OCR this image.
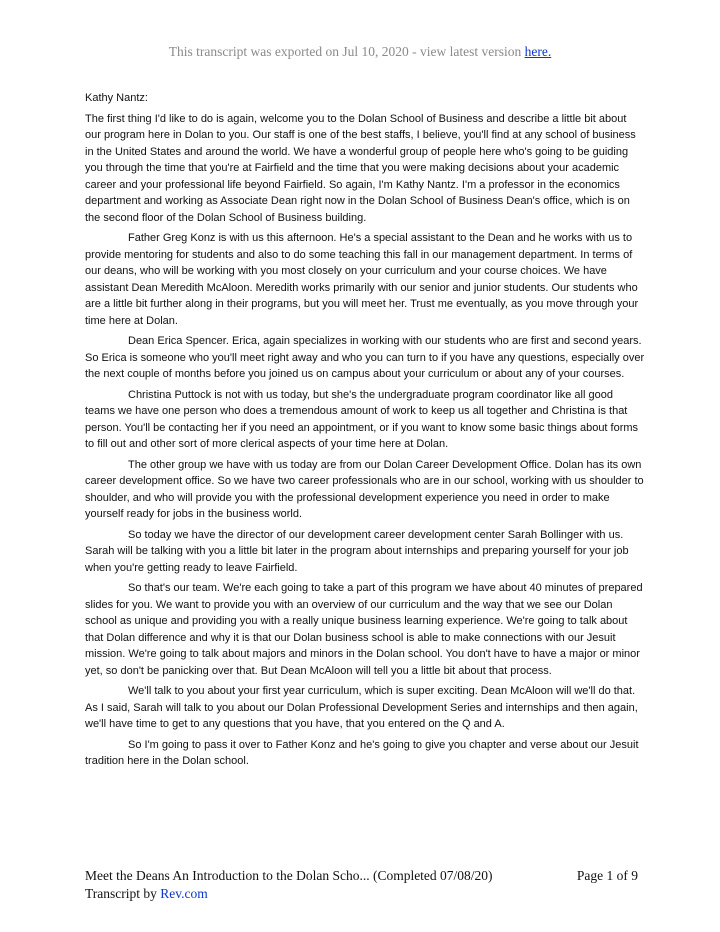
This transcript was exported on Jul 10, 2020 - view latest version here.

Kathy Nantz:

The first thing I'd like to do is again, welcome you to the Dolan School of Business and describe a little bit about our program here in Dolan to you. Our staff is one of the best staffs, I believe, you'll find at any school of business in the United States and around the world. We have a wonderful group of people here who's going to be guiding you through the time that you're at Fairfield and the time that you were making decisions about your academic career and your professional life beyond Fairfield. So again, I'm Kathy Nantz. I'm a professor in the economics department and working as Associate Dean right now in the Dolan School of Business Dean's office, which is on the second floor of the Dolan School of Business building.

Father Greg Konz is with us this afternoon. He's a special assistant to the Dean and he works with us to provide mentoring for students and also to do some teaching this fall in our management department. In terms of our deans, who will be working with you most closely on your curriculum and your course choices. We have assistant Dean Meredith McAloon. Meredith works primarily with our senior and junior students. Our students who are a little bit further along in their programs, but you will meet her. Trust me eventually, as you move through your time here at Dolan.

Dean Erica Spencer. Erica, again specializes in working with our students who are first and second years. So Erica is someone who you'll meet right away and who you can turn to if you have any questions, especially over the next couple of months before you joined us on campus about your curriculum or about any of your courses.

Christina Puttock is not with us today, but she's the undergraduate program coordinator like all good teams we have one person who does a tremendous amount of work to keep us all together and Christina is that person. You'll be contacting her if you need an appointment, or if you want to know some basic things about forms to fill out and other sort of more clerical aspects of your time here at Dolan.

The other group we have with us today are from our Dolan Career Development Office. Dolan has its own career development office. So we have two career professionals who are in our school, working with us shoulder to shoulder, and who will provide you with the professional development experience you need in order to make yourself ready for jobs in the business world.

So today we have the director of our development career development center Sarah Bollinger with us. Sarah will be talking with you a little bit later in the program about internships and preparing yourself for your job when you're getting ready to leave Fairfield.

So that's our team. We're each going to take a part of this program we have about 40 minutes of prepared slides for you. We want to provide you with an overview of our curriculum and the way that we see our Dolan school as unique and providing you with a really unique business learning experience. We're going to talk about that Dolan difference and why it is that our Dolan business school is able to make connections with our Jesuit mission. We're going to talk about majors and minors in the Dolan school. You don't have to have a major or minor yet, so don't be panicking over that. But Dean McAloon will tell you a little bit about that process.

We'll talk to you about your first year curriculum, which is super exciting. Dean McAloon will we'll do that. As I said, Sarah will talk to you about our Dolan Professional Development Series and internships and then again, we'll have time to get to any questions that you have, that you entered on the Q and A.

So I'm going to pass it over to Father Konz and he's going to give you chapter and verse about our Jesuit tradition here in the Dolan school.

Meet the Deans An Introduction to the Dolan Scho... (Completed 07/08/20)	Page 1 of 9
Transcript by Rev.com
